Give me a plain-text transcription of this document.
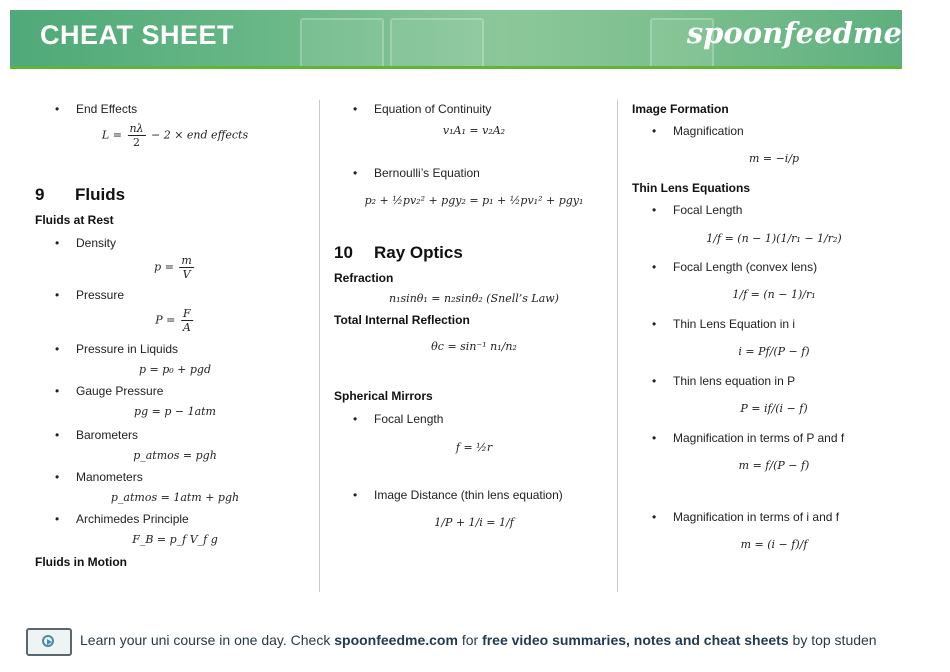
CHEAT SHEET	spoonfeedme
• End Effects
$L = \frac{n\lambda}{2} - 2$ × end effects
9 Fluids
Fluids at Rest
• Density
$p = \frac{m}{V}$
• Pressure
$P = \frac{F}{A}$
• Pressure in Liquids
p = p₀ + pgd
• Gauge Pressure
p𝑔 = p − 1atm
• Barometers
p_atmos = pgh
• Manometers
p_atmos = 1atm + pgh
• Archimedes Principle
F_B = p_f V_f g
Fluids in Motion
• Equation of Continuity
v₁A₁ = v₂A₂
• Bernoulli’s Equation
p₂ + ½pv₂² + pgy₂ = p₁ + ½pv₁² + pgy₁
10 Ray Optics
Refraction
n₁sinθ₁ = n₂sinθ₂ (Snell’s Law)
Total Internal Reflection
θc = sin⁻¹ n₁/n₂
Spherical Mirrors
• Focal Length
f = ½r
• Image Distance (thin lens equation)
1/P + 1/i = 1/f
Image Formation
• Magnification
m = −i/p
Thin Lens Equations
• Focal Length
1/f = (n − 1)(1/r₁ − 1/r₂)
• Focal Length (convex lens)
1/f = (n − 1)/r₁
• Thin Lens Equation in i
i = Pf/(P − f)
• Thin lens equation in P
P = if/(i − f)
• Magnification in terms of P and f
m = f/(P − f)
• Magnification in terms of i and f
m = (i − f)/f
Learn your uni course in one day. Check spoonfeedme.com for free video summaries, notes and cheat sheets by top studen
